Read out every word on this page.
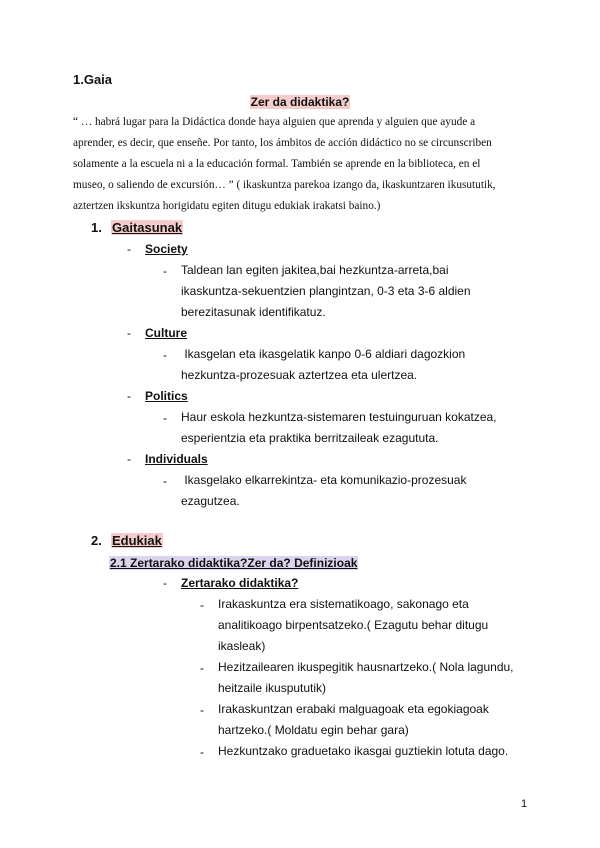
1.Gaia
Zer da didaktika?
“ … habrá lugar para la Didáctica donde haya alguien que aprenda y alguien que ayude a
aprender, es decir, que enseñe. Por tanto, los ámbitos de acción didáctico no se circunscriben
solamente a la escuela ni a la educación formal. También se aprende en la biblioteca, en el
museo, o saliendo de excursión… ” ( ikaskuntza parekoa izango da, ikaskuntzaren ikusututik,
aztertzen ikskuntza horigidatu egiten ditugu edukiak irakatsi baino.)
1. Gaitasunak
- Society
- Taldean lan egiten jakitea,bai hezkuntza-arreta,bai
ikaskuntza-sekuentzien plangintzan, 0-3 eta 3-6 aldien
berezitasunak identifikatuz.
- Culture
- Ikasgelan eta ikasgelatik kanpo 0-6 aldiari dagozkion
hezkuntza-prozesuak aztertzea eta ulertzea.
- Politics
- Haur eskola hezkuntza-sistemaren testuinguruan kokatzea,
esperientzia eta praktika berritzaileak ezagututa.
- Individuals
- Ikasgelako elkarrekintza- eta komunikazio-prozesuak
ezagutzea.
2. Edukiak
2.1 Zertarako didaktika?Zer da? Definizioak
- Zertarako didaktika?
- Irakaskuntza era sistematikoago, sakonago eta
analitikoago birpentsatzeko.( Ezagutu behar ditugu
ikasleak)
- Hezitzailearen ikuspegitik hausnartzeko.( Nola lagundu,
heitzaile ikuspututik)
- Irakaskuntzan erabaki malguagoak eta egokiagoak
hartzeko.( Moldatu egin behar gara)
- Hezkuntzako graduetako ikasgai guztiekin lotuta dago.
1
